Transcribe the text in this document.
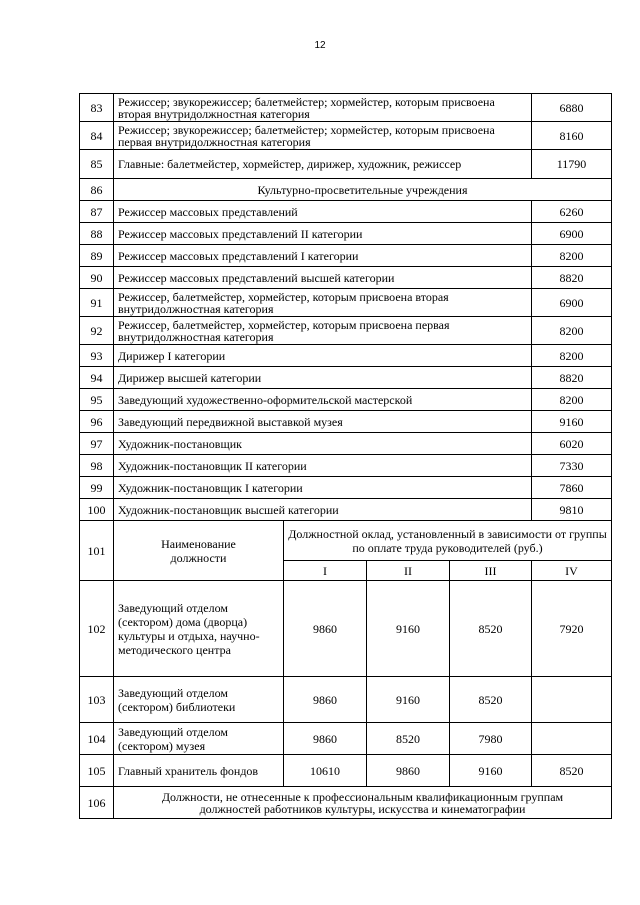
12
83	Режиссер; звукорежиссер; балетмейстер; хормейстер, которым присвоена вторая внутридолжностная категория				6880
84	Режиссер; звукорежиссер; балетмейстер; хормейстер, которым присвоена первая внутридолжностная категория				8160
85	Главные: балетмейстер, хормейстер, дирижер, художник, режиссер				11790
86	Культурно-просветительные учреждения				
87	Режиссер массовых представлений				6260
88	Режиссер массовых представлений II категории				6900
89	Режиссер массовых представлений I категории				8200
90	Режиссер массовых представлений высшей категории				8820
91	Режиссер, балетмейстер, хормейстер, которым присвоена вторая внутридолжностная категория				6900
92	Режиссер, балетмейстер, хормейстер, которым присвоена первая внутридолжностная категория				8200
93	Дирижер I категории				8200
94	Дирижер высшей категории				8820
95	Заведующий художественно-оформительской мастерской				8200
96	Заведующий передвижной выставкой музея				9160
97	Художник-постановщик				6020
98	Художник-постановщик II категории				7330
99	Художник-постановщик I категории				7860
100	Художник-постановщик высшей категории				9810
101	Наименование должности	Должностной оклад, установленный в зависимости от группы по оплате труда руководителей (руб.)			
		I	II	III	IV
102	Заведующий отделом (сектором) дома (дворца) культуры и отдыха, научно-методического центра	9860	9160	8520	7920
103	Заведующий отделом (сектором) библиотеки	9860	9160	8520	
104	Заведующий отделом (сектором) музея	9860	8520	7980	
105	Главный хранитель фондов	10610	9860	9160	8520
106	Должности, не отнесенные к профессиональным квалификационным группам должностей работников культуры, искусства и кинематографии				
